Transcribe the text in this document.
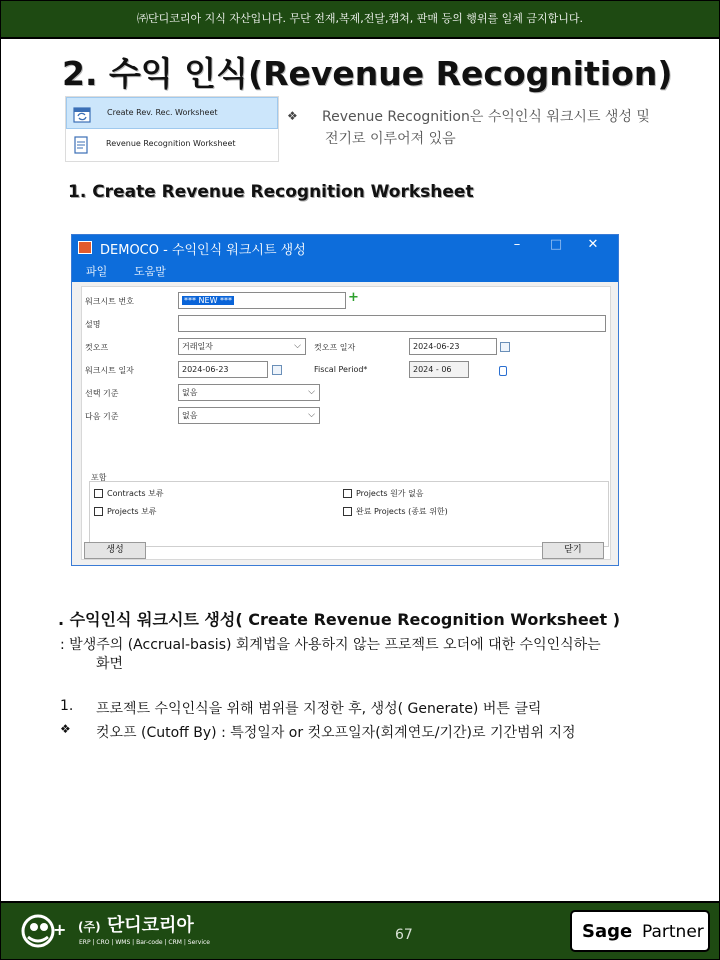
㈜단디코리아 지식 자산입니다. 무단 전재,복제,전달,캡쳐, 판매 등의 행위를 일체 금지합니다.
2. 수익 인식(Revenue Recognition)
Create Rev. Rec. Worksheet
Revenue Recognition Worksheet
❖ Revenue Recognition은 수익인식 워크시트 생성 및
전기로 이루어져 있음
1. Create Revenue Recognition Worksheet
DEMOCO - 수익인식 워크시트 생성	–	□	✕
파일 도움말
워크시트 번호	*** NEW ***	+
설명
컷오프	거래일자	⌵ 컷오프 일자	2024-06-23
워크시트 일자	2024-06-23	Fiscal Period*	2024 - 06
선택 기준	없음	⌵
다음 기준	없음	⌵
포함
Contracts 보류	Projects 원가 없음
Projects 보류	완료 Projects (종료 위한)
생성	닫기
. 수익인식 워크시트 생성( Create Revenue Recognition Worksheet )
: 발생주의 (Accrual-basis) 회계법을 사용하지 않는 프로젝트 오더에 대한 수익인식하는
화면
1. 프로젝트 수익인식을 위해 범위를 지정한 후, 생성( Generate) 버튼 클릭
❖ 컷오프 (Cutoff By) : 특정일자 or 컷오프일자(회계연도/기간)로 기간범위 지정
+ (주) 단디코리아
ERP | CRO | WMS | Bar-code | CRM | Service	67	Sage Partner
